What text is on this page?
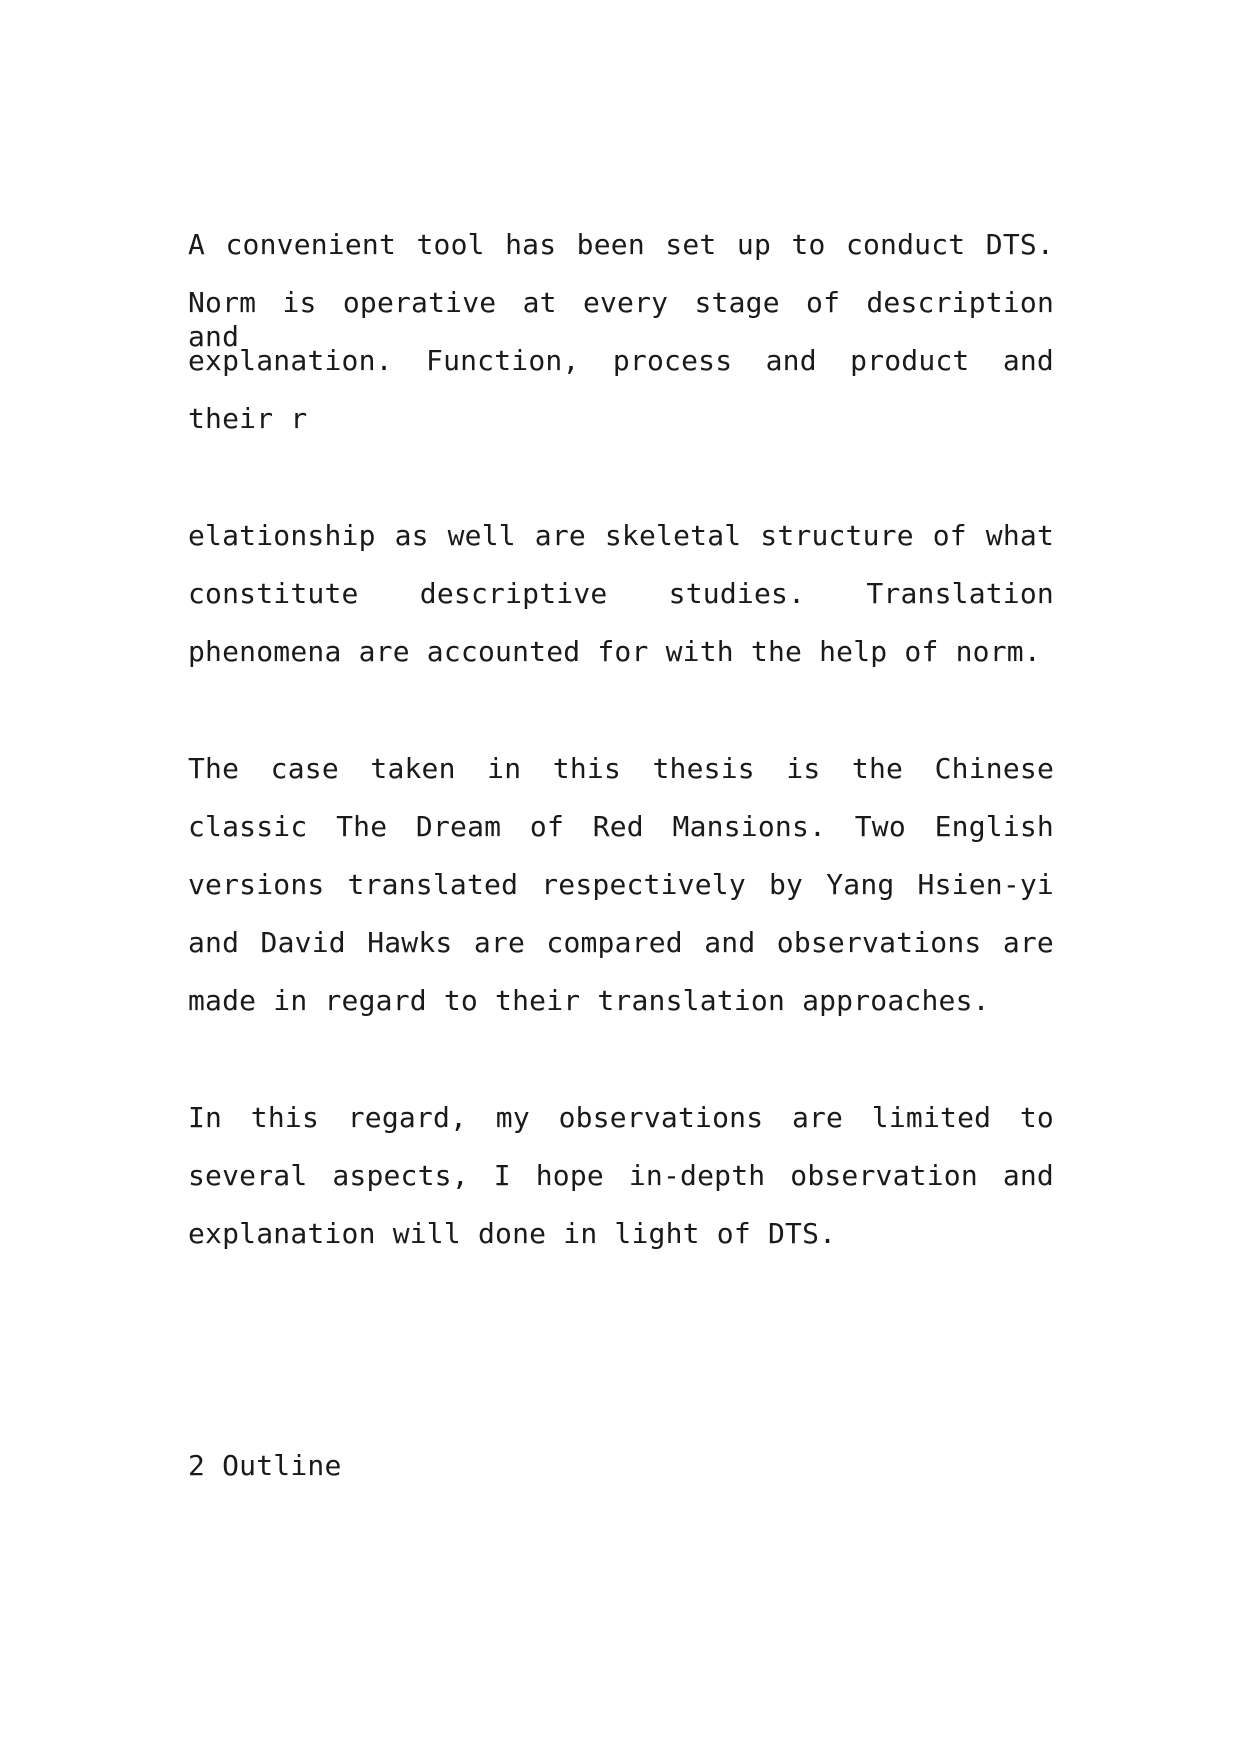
A convenient tool has been set up to conduct DTS.
Norm is operative at every stage of description and
explanation. Function, process and product and
their r
elationship as well are skeletal structure of what
constitute descriptive studies. Translation
phenomena are accounted for with the help of norm.
The case taken in this thesis is the Chinese
classic The Dream of Red Mansions. Two English
versions translated respectively by Yang Hsien-yi
and David Hawks are compared and observations are
made in regard to their translation approaches.
In this regard, my observations are limited to
several aspects, I hope in-depth observation and
explanation will done in light of DTS.
2 Outline
